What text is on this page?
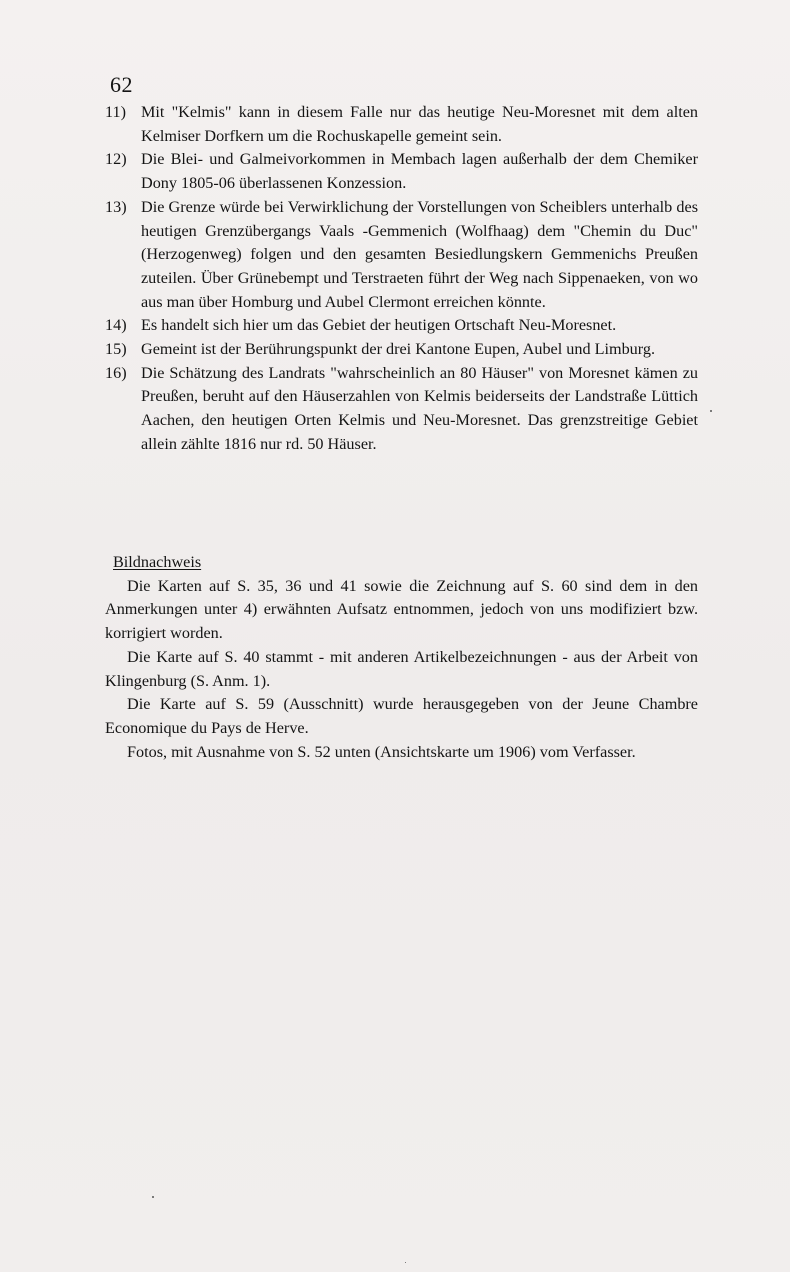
62
11) Mit "Kelmis" kann in diesem Falle nur das heutige Neu-Moresnet mit dem alten Kelmiser Dorfkern um die Rochuskapelle gemeint sein.
12) Die Blei- und Galmeivorkommen in Membach lagen außerhalb der dem Chemiker Dony 1805-06 überlassenen Konzession.
13) Die Grenze würde bei Verwirklichung der Vorstellungen von Scheiblers unterhalb des heutigen Grenzübergangs Vaals -Gemmenich (Wolfhaag) dem "Chemin du Duc" (Herzogenweg) folgen und den gesamten Besiedlungskern Gemmenichs Preußen zuteilen. Über Grünebempt und Terstraeten führt der Weg nach Sippenaeken, von wo aus man über Homburg und Aubel Clermont erreichen könnte.
14) Es handelt sich hier um das Gebiet der heutigen Ortschaft Neu-Moresnet.
15) Gemeint ist der Berührungspunkt der drei Kantone Eupen, Aubel und Limburg.
16) Die Schätzung des Landrats "wahrscheinlich an 80 Häuser" von Moresnet kämen zu Preußen, beruht auf den Häuserzahlen von Kelmis beiderseits der Landstraße Lüttich Aachen, den heutigen Orten Kelmis und Neu-Moresnet. Das grenzstreitige Gebiet allein zählte 1816 nur rd. 50 Häuser.
Bildnachweis

Die Karten auf S. 35, 36 und 41 sowie die Zeichnung auf S. 60 sind dem in den Anmerkungen unter 4) erwähnten Aufsatz entnommen, jedoch von uns modifiziert bzw. korrigiert worden.

Die Karte auf S. 40 stammt - mit anderen Artikelbezeichnungen - aus der Arbeit von Klingenburg (S. Anm. 1).

Die Karte auf S. 59 (Ausschnitt) wurde herausgegeben von der Jeune Chambre Economique du Pays de Herve.

Fotos, mit Ausnahme von S. 52 unten (Ansichtskarte um 1906) vom Verfasser.
